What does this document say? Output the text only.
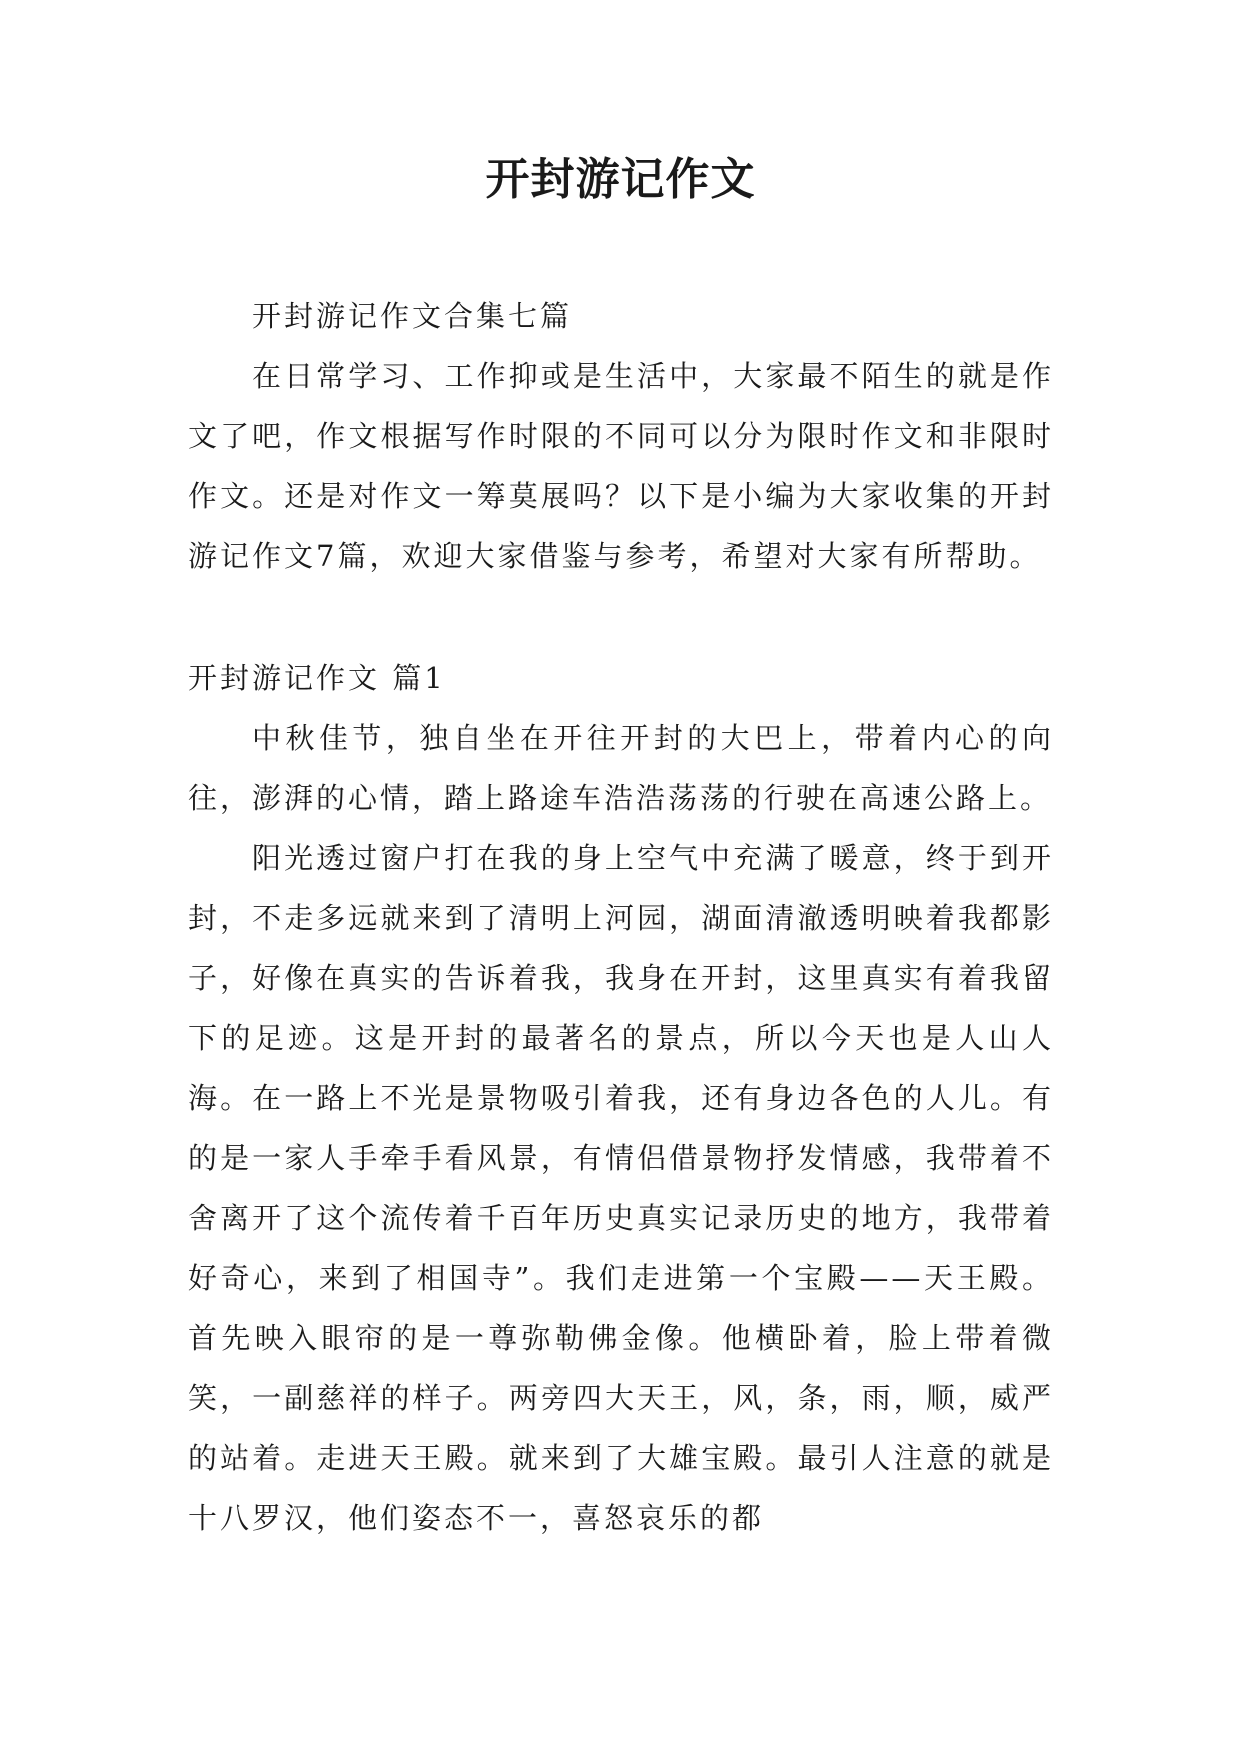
开封游记作文

开封游记作文合集七篇

在日常学习、工作抑或是生活中，大家最不陌生的就是作文了吧，作文根据写作时限的不同可以分为限时作文和非限时作文。还是对作文一筹莫展吗？以下是小编为大家收集的开封游记作文7篇，欢迎大家借鉴与参考，希望对大家有所帮助。

开封游记作文 篇1

中秋佳节，独自坐在开往开封的大巴上，带着内心的向往，澎湃的心情，踏上路途车浩浩荡荡的行驶在高速公路上。

阳光透过窗户打在我的身上空气中充满了暖意，终于到开封，不走多远就来到了清明上河园，湖面清澈透明映着我都影子，好像在真实的告诉着我，我身在开封，这里真实有着我留下的足迹。这是开封的最著名的景点，所以今天也是人山人海。在一路上不光是景物吸引着我，还有身边各色的人儿。有的是一家人手牵手看风景，有情侣借景物抒发情感，我带着不舍离开了这个流传着千百年历史真实记录历史的地方，我带着好奇心，来到了相国寺”。我们走进第一个宝殿——天王殿。首先映入眼帘的是一尊弥勒佛金像。他横卧着，脸上带着微笑，一副慈祥的样子。两旁四大天王，风，条，雨，顺，威严的站着。走进天王殿。就来到了大雄宝殿。最引人注意的就是十八罗汉，他们姿态不一，喜怒哀乐的都
